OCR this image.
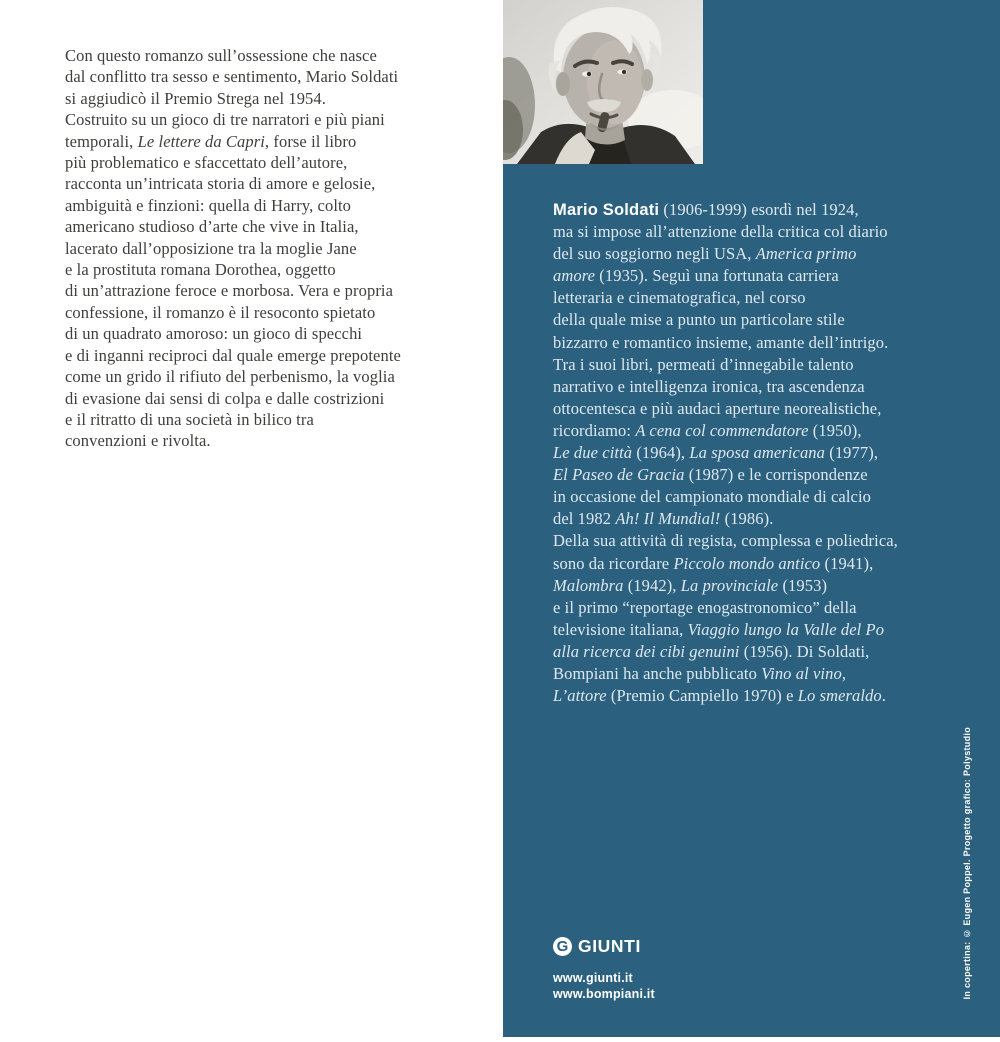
Con questo romanzo sull’ossessione che nasce
dal conflitto tra sesso e sentimento, Mario Soldati
si aggiudicò il Premio Strega nel 1954.
Costruito su un gioco di tre narratori e più piani
temporali, Le lettere da Capri, forse il libro
più problematico e sfaccettato dell’autore,
racconta un’intricata storia di amore e gelosie,
ambiguità e finzioni: quella di Harry, colto
americano studioso d’arte che vive in Italia,
lacerato dall’opposizione tra la moglie Jane
e la prostituta romana Dorothea, oggetto
di un’attrazione feroce e morbosa. Vera e propria
confessione, il romanzo è il resoconto spietato
di un quadrato amoroso: un gioco di specchi
e di inganni reciproci dal quale emerge prepotente
come un grido il rifiuto del perbenismo, la voglia
di evasione dai sensi di colpa e dalle costrizioni
e il ritratto di una società in bilico tra
convenzioni e rivolta.
Mario Soldati (1906-1999) esordì nel 1924,
ma si impose all’attenzione della critica col diario
del suo soggiorno negli USA, America primo
amore (1935). Seguì una fortunata carriera
letteraria e cinematografica, nel corso
della quale mise a punto un particolare stile
bizzarro e romantico insieme, amante dell’intrigo.
Tra i suoi libri, permeati d’innegabile talento
narrativo e intelligenza ironica, tra ascendenza
ottocentesca e più audaci aperture neorealistiche,
ricordiamo: A cena col commendatore (1950),
Le due città (1964), La sposa americana (1977),
El Paseo de Gracia (1987) e le corrispondenze
in occasione del campionato mondiale di calcio
del 1982 Ah! Il Mundial! (1986).
Della sua attività di regista, complessa e poliedrica,
sono da ricordare Piccolo mondo antico (1941),
Malombra (1942), La provinciale (1953)
e il primo “reportage enogastronomico” della
televisione italiana, Viaggio lungo la Valle del Po
alla ricerca dei cibi genuini (1956). Di Soldati,
Bompiani ha anche pubblicato Vino al vino,
L’attore (Premio Campiello 1970) e Lo smeraldo.
G GIUNTI
www.giunti.it
www.bompiani.it	In copertina: © Eugen Poppel. Progetto grafico: Polystudio
